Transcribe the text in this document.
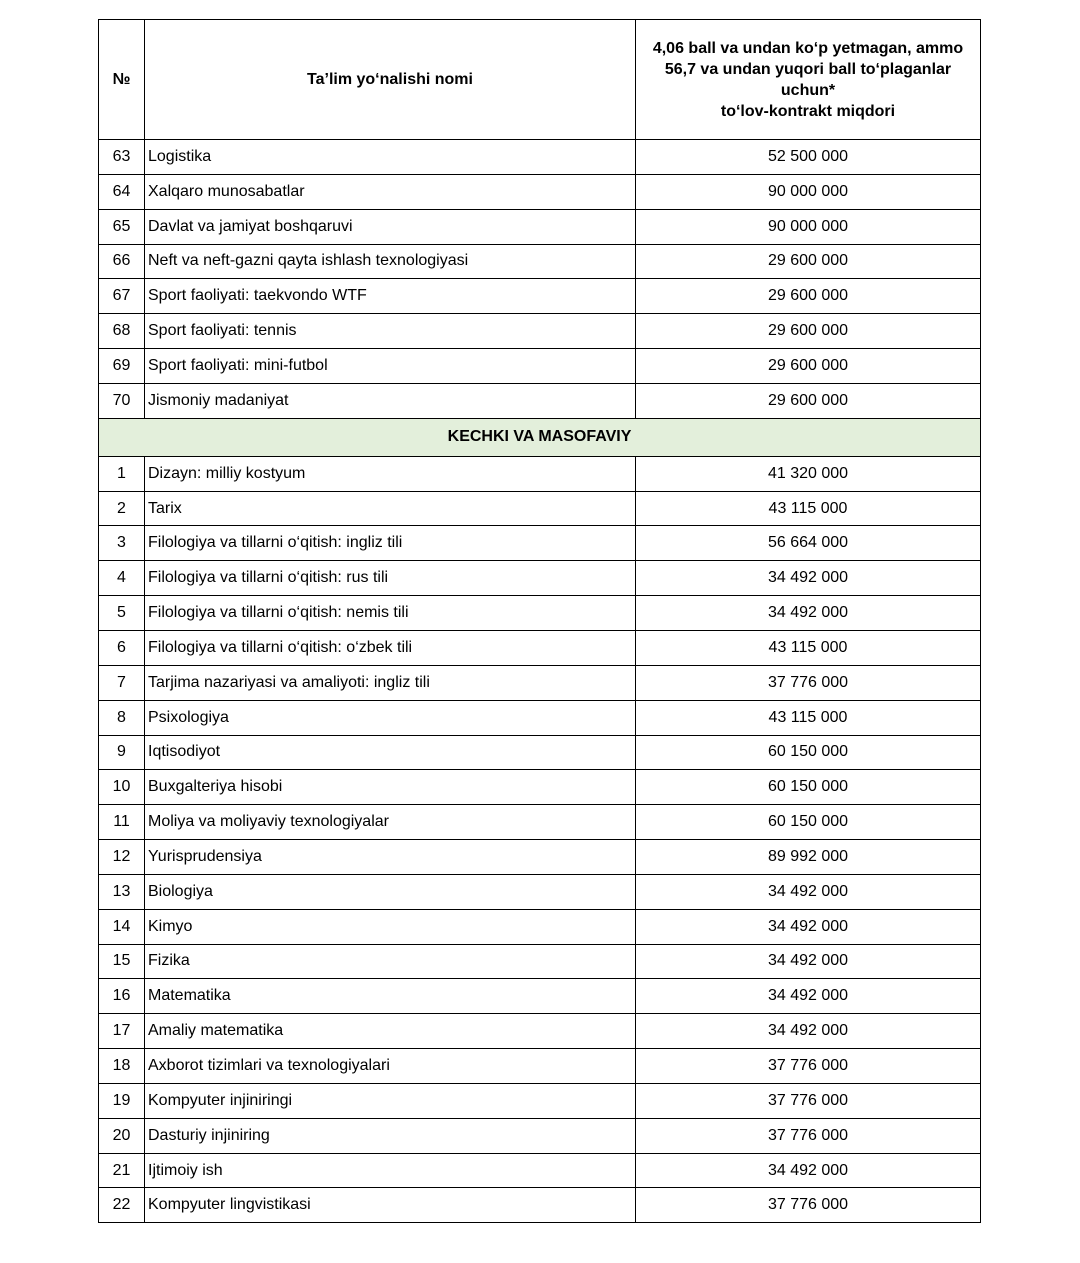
№	Ta’lim yo‘nalishi nomi	4,06 ball va undan ko‘p yetmagan, ammo
56,7 va undan yuqori ball to‘plaganlar
uchun*
to‘lov-kontrakt miqdori

63	Logistika	52 500 000
64	Xalqaro munosabatlar	90 000 000
65	Davlat va jamiyat boshqaruvi	90 000 000
66	Neft va neft-gazni qayta ishlash texnologiyasi	29 600 000
67	Sport faoliyati: taekvondo WTF	29 600 000
68	Sport faoliyati: tennis	29 600 000
69	Sport faoliyati: mini-futbol	29 600 000
70	Jismoniy madaniyat	29 600 000
KECHKI VA MASOFAVIY		
1	Dizayn: milliy kostyum	41 320 000
2	Tarix	43 115 000
3	Filologiya va tillarni o‘qitish: ingliz tili	56 664 000
4	Filologiya va tillarni o‘qitish: rus tili	34 492 000
5	Filologiya va tillarni o‘qitish: nemis tili	34 492 000
6	Filologiya va tillarni o‘qitish: o‘zbek tili	43 115 000
7	Tarjima nazariyasi va amaliyoti: ingliz tili	37 776 000
8	Psixologiya	43 115 000
9	Iqtisodiyot	60 150 000
10	Buxgalteriya hisobi	60 150 000
11	Moliya va moliyaviy texnologiyalar	60 150 000
12	Yurisprudensiya	89 992 000
13	Biologiya	34 492 000
14	Kimyo	34 492 000
15	Fizika	34 492 000
16	Matematika	34 492 000
17	Amaliy matematika	34 492 000
18	Axborot tizimlari va texnologiyalari	37 776 000
19	Kompyuter injiniringi	37 776 000
20	Dasturiy injiniring	37 776 000
21	Ijtimoiy ish	34 492 000
22	Kompyuter lingvistikasi	37 776 000
